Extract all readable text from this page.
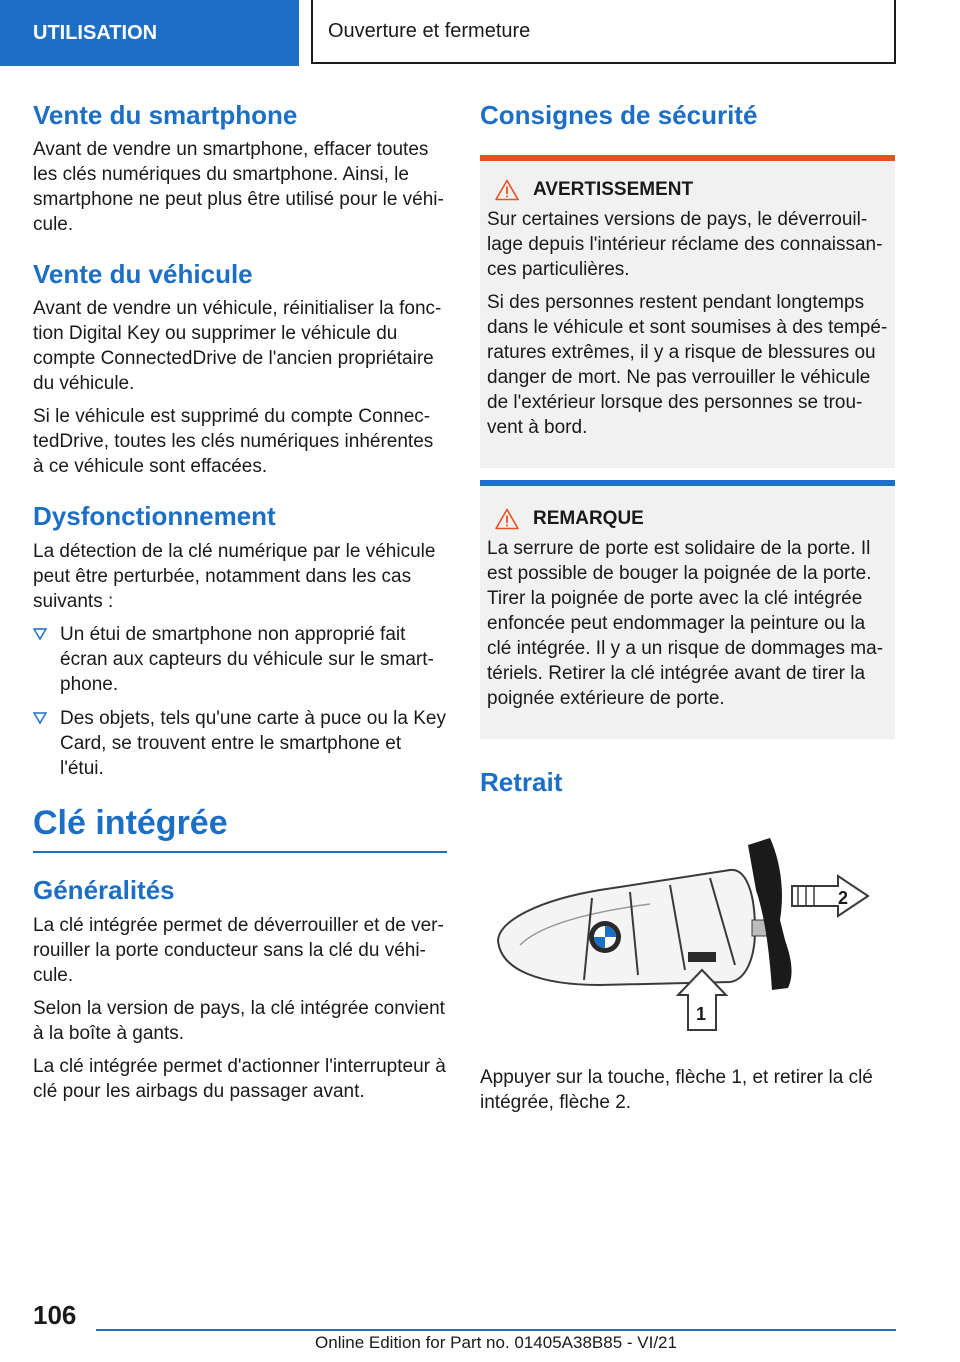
UTILISATION	Ouverture et fermeture
Vente du smartphone

Avant de vendre un smartphone, effacer toutes les clés numériques du smartphone. Ainsi, le smartphone ne peut plus être utilisé pour le véhi-cule.

Vente du véhicule

Avant de vendre un véhicule, réinitialiser la fonc-tion Digital Key ou supprimer le véhicule du compte ConnectedDrive de l'ancien propriétaire du véhicule.

Si le véhicule est supprimé du compte Connec-tedDrive, toutes les clés numériques inhérentes à ce véhicule sont effacées.

Dysfonctionnement

La détection de la clé numérique par le véhicule peut être perturbée, notamment dans les cas suivants :

Un étui de smartphone non approprié fait écran aux capteurs du véhicule sur le smart-phone.
Des objets, tels qu'une carte à puce ou la Key Card, se trouvent entre le smartphone et l'étui.
Clé intégrée
Généralités

La clé intégrée permet de déverrouiller et de ver-rouiller la porte conducteur sans la clé du véhi-cule.

Selon la version de pays, la clé intégrée convient à la boîte à gants.

La clé intégrée permet d'actionner l'interrupteur à clé pour les airbags du passager avant.

Consignes de sécurité
AVERTISSEMENT

Sur certaines versions de pays, le déverrouil-lage depuis l'intérieur réclame des connaissan-ces particulières.

Si des personnes restent pendant longtemps dans le véhicule et sont soumises à des tempé-ratures extrêmes, il y a risque de blessures ou danger de mort. Ne pas verrouiller le véhicule de l'extérieur lorsque des personnes se trou-vent à bord.

REMARQUE

La serrure de porte est solidaire de la porte. Il est possible de bouger la poignée de la porte. Tirer la poignée de porte avec la clé intégrée enfoncée peut endommager la peinture ou la clé intégrée. Il y a un risque de dommages ma-tériels. Retirer la clé intégrée avant de tirer la poignée extérieure de porte.

Retrait
2
1

Appuyer sur la touche, flèche 1, et retirer la clé intégrée, flèche 2.

106
Online Edition for Part no. 01405A38B85 - VI/21
